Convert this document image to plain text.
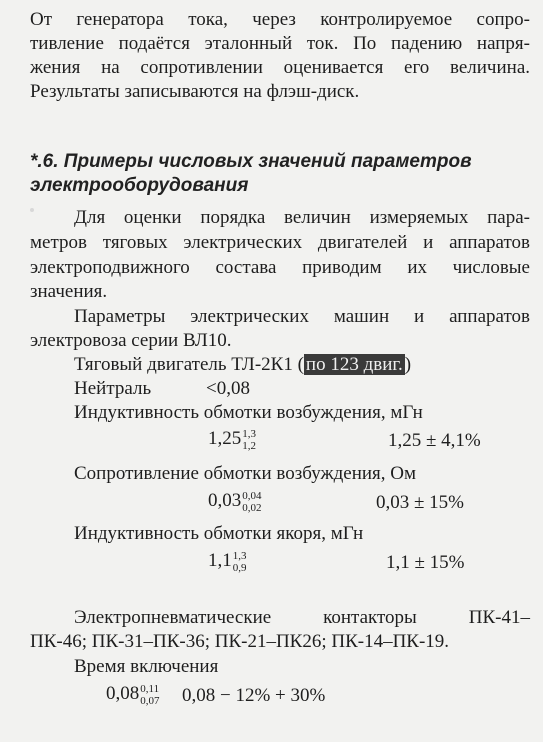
От генератора тока, через контролируемое сопро-

тивление подаётся эталонный ток. По падению напря-

жения на сопротивлении оценивается его величина.

Результаты записываются на флэш-диск.

*.6. Примеры числовых значений параметров

электрооборудования

Для оценки порядка величин измеряемых пара-

метров тяговых электрических двигателей и аппаратов

электроподвижного состава приводим их числовые

значения.

Параметры электрических машин и аппаратов

электровоза серии ВЛ10.

Тяговый двигатель ТЛ-2К1 ( по 123 двиг. )
Нейтраль	<0,08
Индуктивность обмотки возбуждения, мГн
1,25 1,3
1,2	1,25 ± 4,1%
Сопротивление обмотки возбуждения, Ом
0,03 0,04
0,02	0,03 ± 15%
Индуктивность обмотки якоря, мГн
1,1 1,3
0,9	1,1 ± 15%

Электропневматические контакторы ПК-41–

ПК-46; ПК-31–ПК-36; ПК-21–ПК26; ПК-14–ПК-19.

Время включения
0,08 0,11
0,07 0,08 − 12% + 30%
